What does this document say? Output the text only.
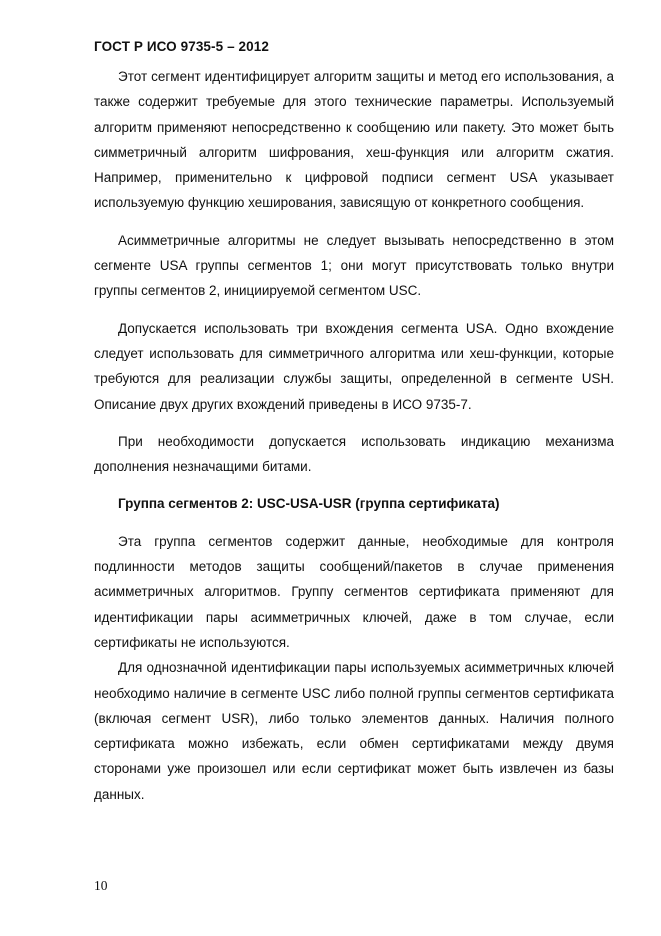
ГОСТ Р ИСО 9735-5 – 2012

Этот сегмент идентифицирует алгоритм защиты и метод его использования, а также содержит требуемые для этого технические параметры. Используемый алгоритм применяют непосредственно к сообщению или пакету. Это может быть симметричный алгоритм шифрования, хеш-функция или алгоритм сжатия. Например, применительно к цифровой подписи сегмент USA указывает используемую функцию хеширования, зависящую от конкретного сообщения.

Асимметричные алгоритмы не следует вызывать непосредственно в этом сегменте USA группы сегментов 1; они могут присутствовать только внутри группы сегментов 2, инициируемой сегментом USC.

Допускается использовать три вхождения сегмента USA. Одно вхождение следует использовать для симметричного алгоритма или хеш-функции, которые требуются для реализации службы защиты, определенной в сегменте USH. Описание двух других вхождений приведены в ИСО 9735-7.

При необходимости допускается использовать индикацию механизма дополнения незначащими битами.

Группа сегментов 2: USC-USA-USR (группа сертификата)

Эта группа сегментов содержит данные, необходимые для контроля подлинности методов защиты сообщений/пакетов в случае применения асимметричных алгоритмов. Группу сегментов сертификата применяют для идентификации пары асимметричных ключей, даже в том случае, если сертификаты не используются.

Для однозначной идентификации пары используемых асимметричных ключей необходимо наличие в сегменте USC либо полной группы сегментов сертификата (включая сегмент USR), либо только элементов данных. Наличия полного сертификата можно избежать, если обмен сертификатами между двумя сторонами уже произошел или если сертификат может быть извлечен из базы данных.

10
